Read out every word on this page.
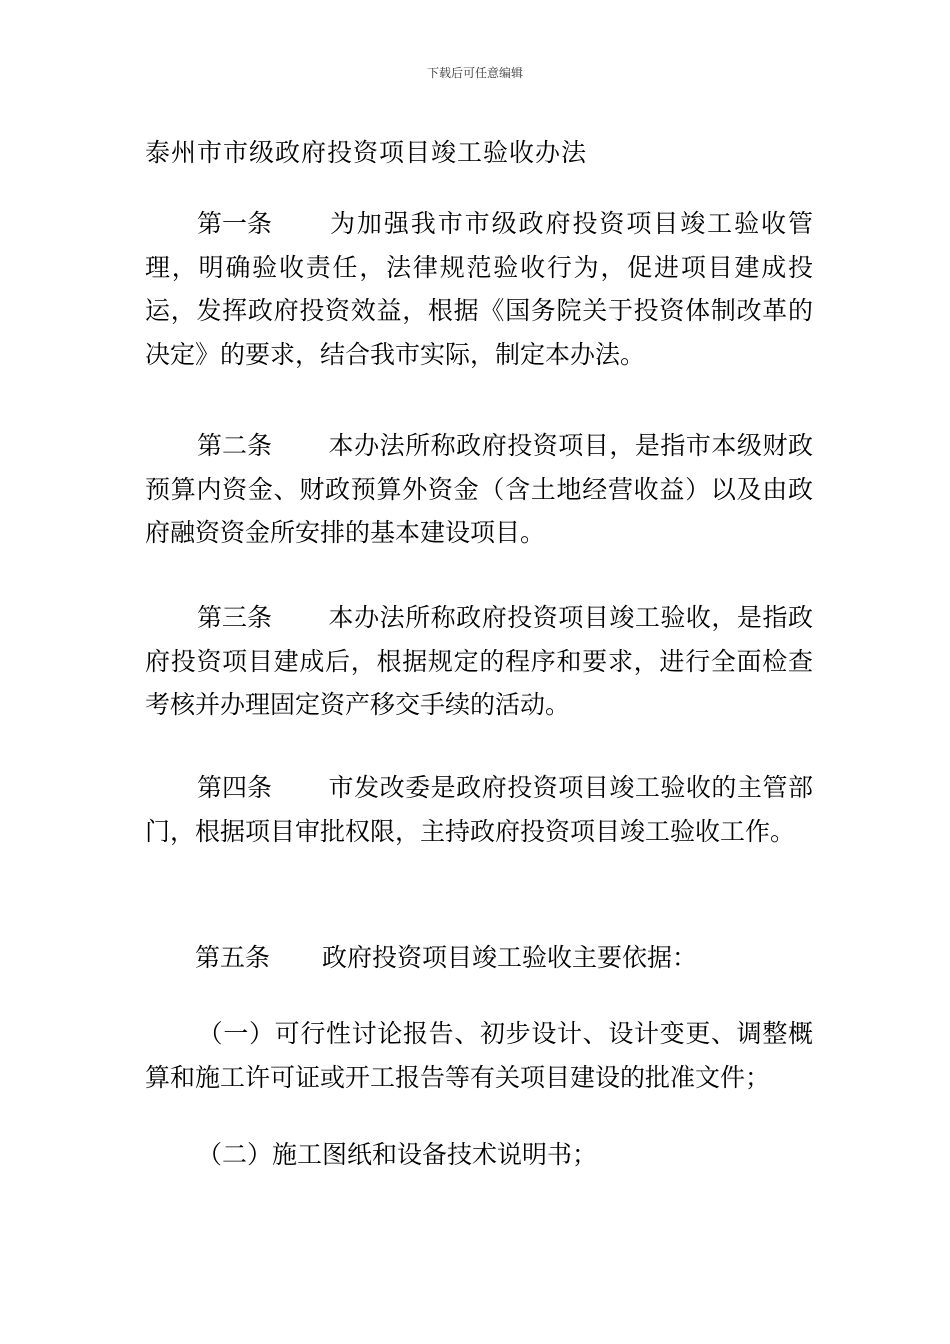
下载后可任意编辑
泰州市市级政府投资项目竣工验收办法
第一条 为加强我市市级政府投资项目竣工验收管理，明确验收责任，法律规范验收行为，促进项目建成投运，发挥政府投资效益，根据《国务院关于投资体制改革的决定》的要求，结合我市实际，制定本办法。
第二条 本办法所称政府投资项目，是指市本级财政预算内资金、财政预算外资金（含土地经营收益）以及由政府融资资金所安排的基本建设项目。
第三条 本办法所称政府投资项目竣工验收，是指政府投资项目建成后，根据规定的程序和要求，进行全面检查考核并办理固定资产移交手续的活动。
第四条 市发改委是政府投资项目竣工验收的主管部门，根据项目审批权限，主持政府投资项目竣工验收工作。
第五条 政府投资项目竣工验收主要依据：
（一）可行性讨论报告、初步设计、设计变更、调整概算和施工许可证或开工报告等有关项目建设的批准文件；
（二）施工图纸和设备技术说明书；
